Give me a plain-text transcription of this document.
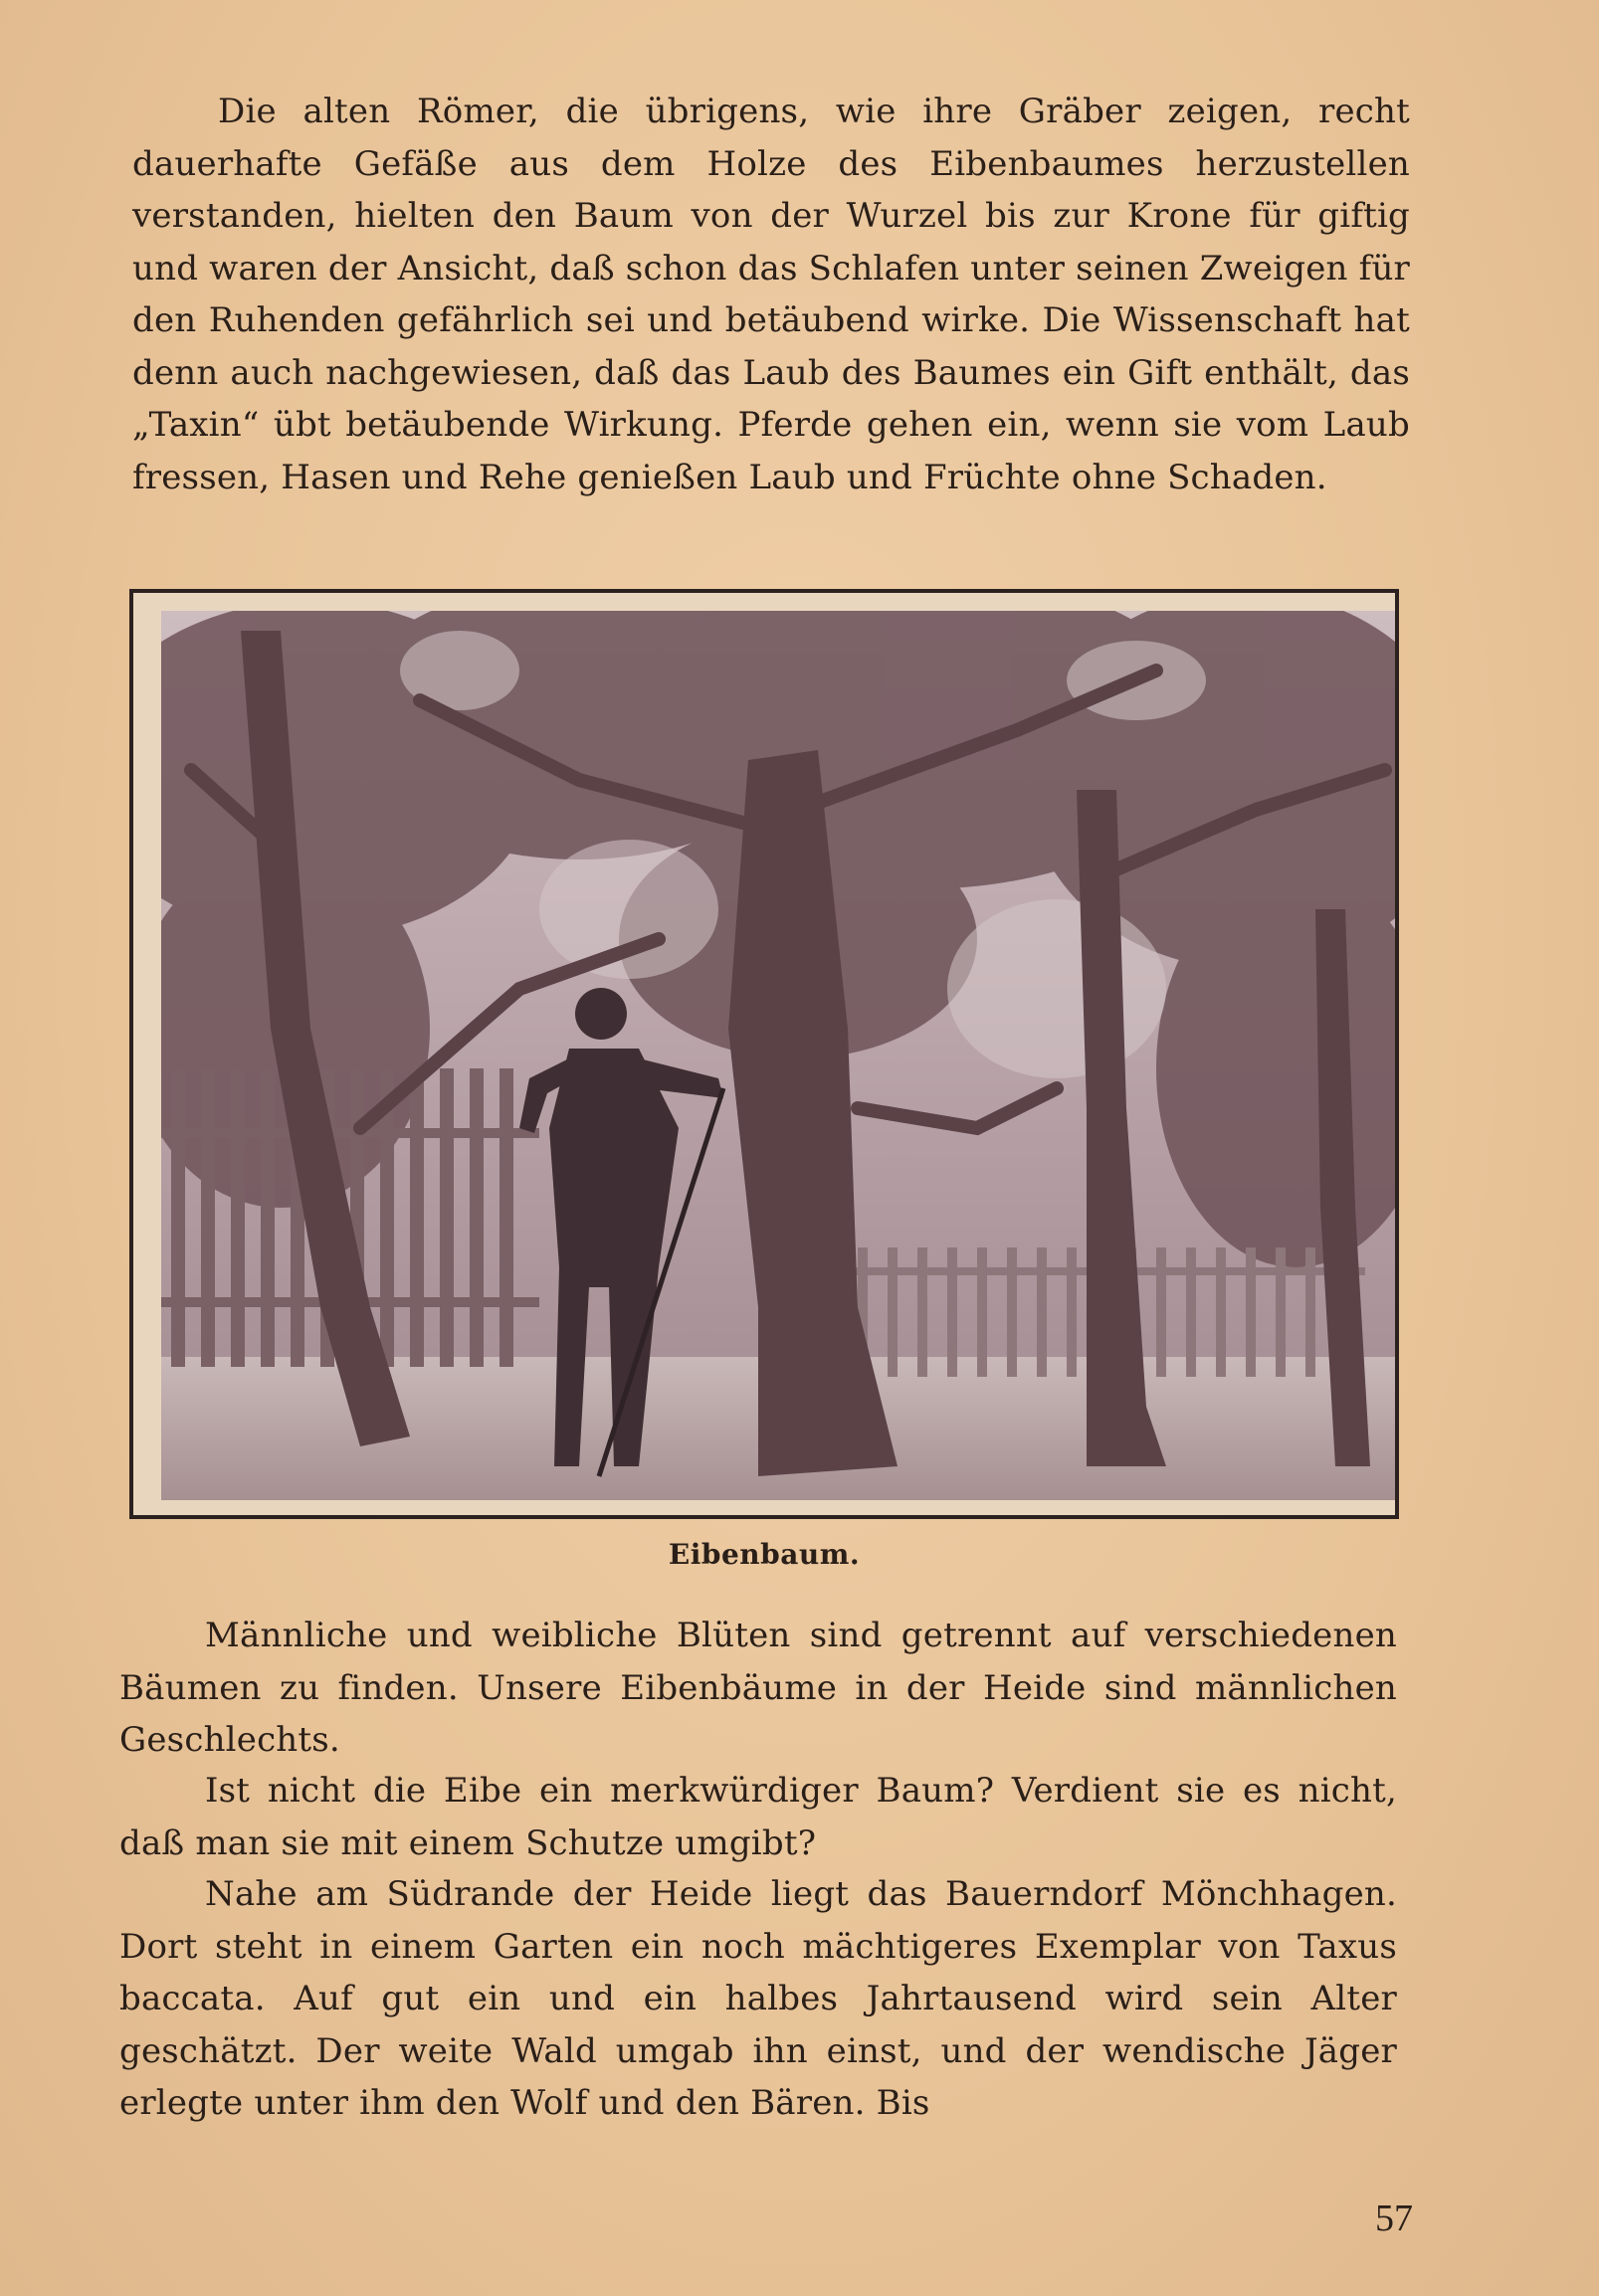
Die alten Römer, die übrigens, wie ihre Gräber zeigen, recht dauerhafte Gefäße aus dem Holze des Eibenbaumes herzustellen verstanden, hielten den Baum von der Wurzel bis zur Krone für giftig und waren der Ansicht, daß schon das Schlafen unter seinen Zweigen für den Ruhenden gefährlich sei und betäubend wirke. Die Wissenschaft hat denn auch nachgewiesen, daß das Laub des Baumes ein Gift enthält, das „Taxin“ übt betäubende Wirkung. Pferde gehen ein, wenn sie vom Laub fressen, Hasen und Rehe genießen Laub und Früchte ohne Schaden.

Eibenbaum.

Männliche und weibliche Blüten sind getrennt auf verschiedenen Bäumen zu finden. Unsere Eibenbäume in der Heide sind männlichen Geschlechts.

Ist nicht die Eibe ein merkwürdiger Baum? Verdient sie es nicht, daß man sie mit einem Schutze umgibt?

Nahe am Südrande der Heide liegt das Bauerndorf Mönchhagen. Dort steht in einem Garten ein noch mächtigeres Exemplar von Taxus baccata. Auf gut ein und ein halbes Jahrtausend wird sein Alter geschätzt. Der weite Wald umgab ihn einst, und der wendische Jäger erlegte unter ihm den Wolf und den Bären. Bis

57
